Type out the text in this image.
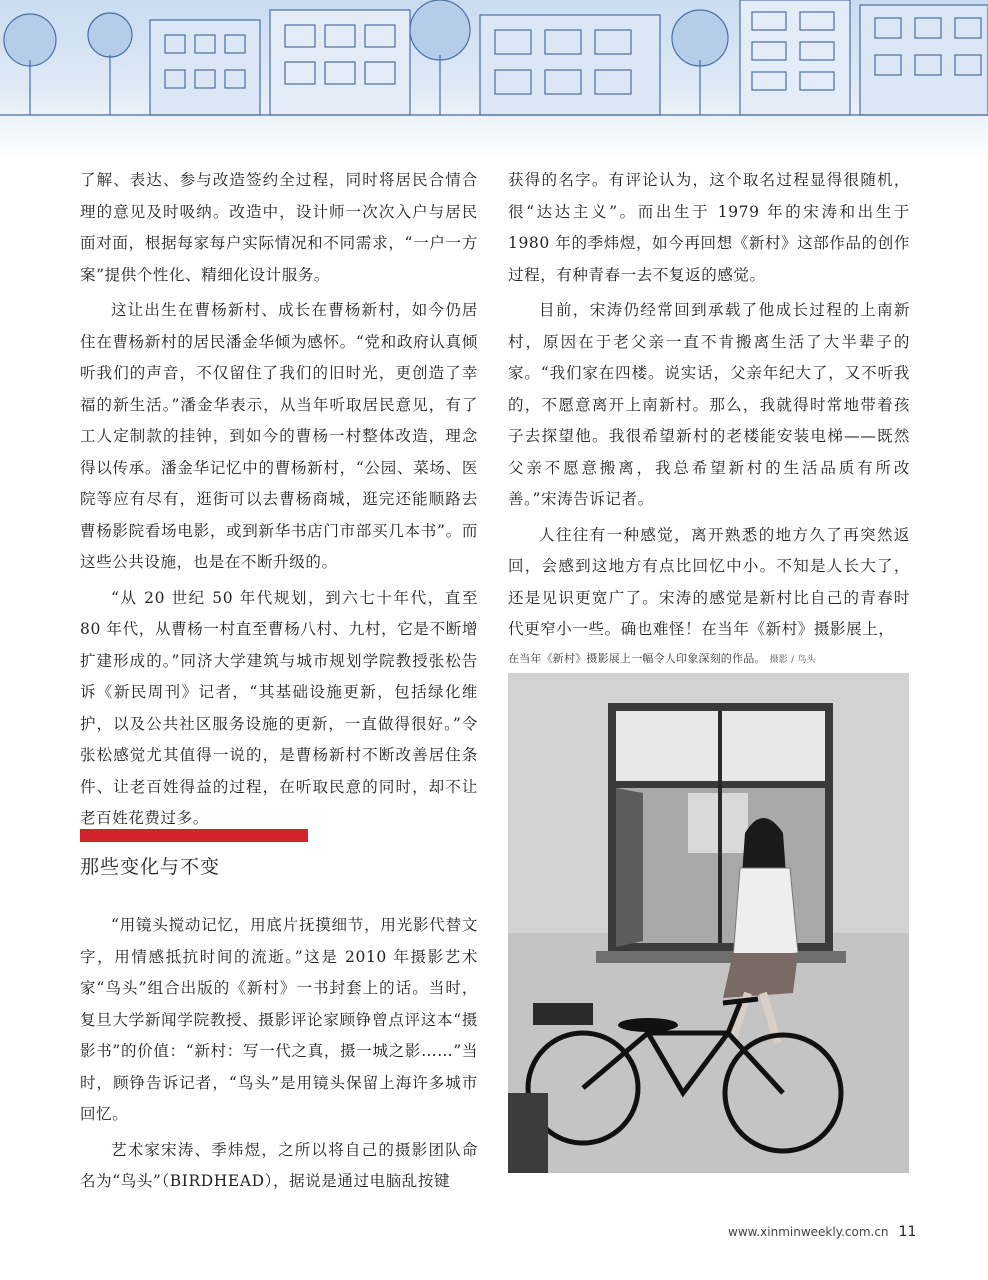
了解、表达、参与改造签约全过程，同时将居民合情合理的意见及时吸纳。改造中，设计师一次次入户与居民面对面，根据每家每户实际情况和不同需求，“一户一方案”提供个性化、精细化设计服务。

这让出生在曹杨新村、成长在曹杨新村，如今仍居住在曹杨新村的居民潘金华倾为感怀。“党和政府认真倾听我们的声音，不仅留住了我们的旧时光，更创造了幸福的新生活。”潘金华表示，从当年听取居民意见，有了工人定制款的挂钟，到如今的曹杨一村整体改造，理念得以传承。潘金华记忆中的曹杨新村，“公园、菜场、医院等应有尽有，逛街可以去曹杨商城，逛完还能顺路去曹杨影院看场电影，或到新华书店门市部买几本书”。而这些公共设施，也是在不断升级的。

“从 20 世纪 50 年代规划，到六七十年代，直至 80 年代，从曹杨一村直至曹杨八村、九村，它是不断增扩建形成的。”同济大学建筑与城市规划学院教授张松告诉《新民周刊》记者，“其基础设施更新，包括绿化维护，以及公共社区服务设施的更新，一直做得很好。”令张松感觉尤其值得一说的，是曹杨新村不断改善居住条件、让老百姓得益的过程，在听取民意的同时，却不让老百姓花费过多。

那些变化与不变

“用镜头搅动记忆，用底片抚摸细节，用光影代替文字，用情感抵抗时间的流逝。”这是 2010 年摄影艺术家“鸟头”组合出版的《新村》一书封套上的话。当时，复旦大学新闻学院教授、摄影评论家顾铮曾点评这本“摄影书”的价值：“新村：写一代之真，摄一城之影……”当时，顾铮告诉记者，“鸟头”是用镜头保留上海许多城市回忆。

艺术家宋涛、季炜煜，之所以将自己的摄影团队命名为“鸟头”（BIRDHEAD），据说是通过电脑乱按键

获得的名字。有评论认为，这个取名过程显得很随机，很“达达主义”。而出生于 1979 年的宋涛和出生于 1980 年的季炜煜，如今再回想《新村》这部作品的创作过程，有种青春一去不复返的感觉。

目前，宋涛仍经常回到承载了他成长过程的上南新村，原因在于老父亲一直不肯搬离生活了大半辈子的家。“我们家在四楼。说实话，父亲年纪大了，又不听我的，不愿意离开上南新村。那么，我就得时常地带着孩子去探望他。我很希望新村的老楼能安装电梯——既然父亲不愿意搬离，我总希望新村的生活品质有所改善。”宋涛告诉记者。

人往往有一种感觉，离开熟悉的地方久了再突然返回，会感到这地方有点比回忆中小。不知是人长大了，还是见识更宽广了。宋涛的感觉是新村比自己的青春时代更窄小一些。确也难怪！在当年《新村》摄影展上，

在当年《新村》摄影展上一幅令人印象深刻的作品。 摄影 / 鸟头
www.xinminweekly.com.cn 11
